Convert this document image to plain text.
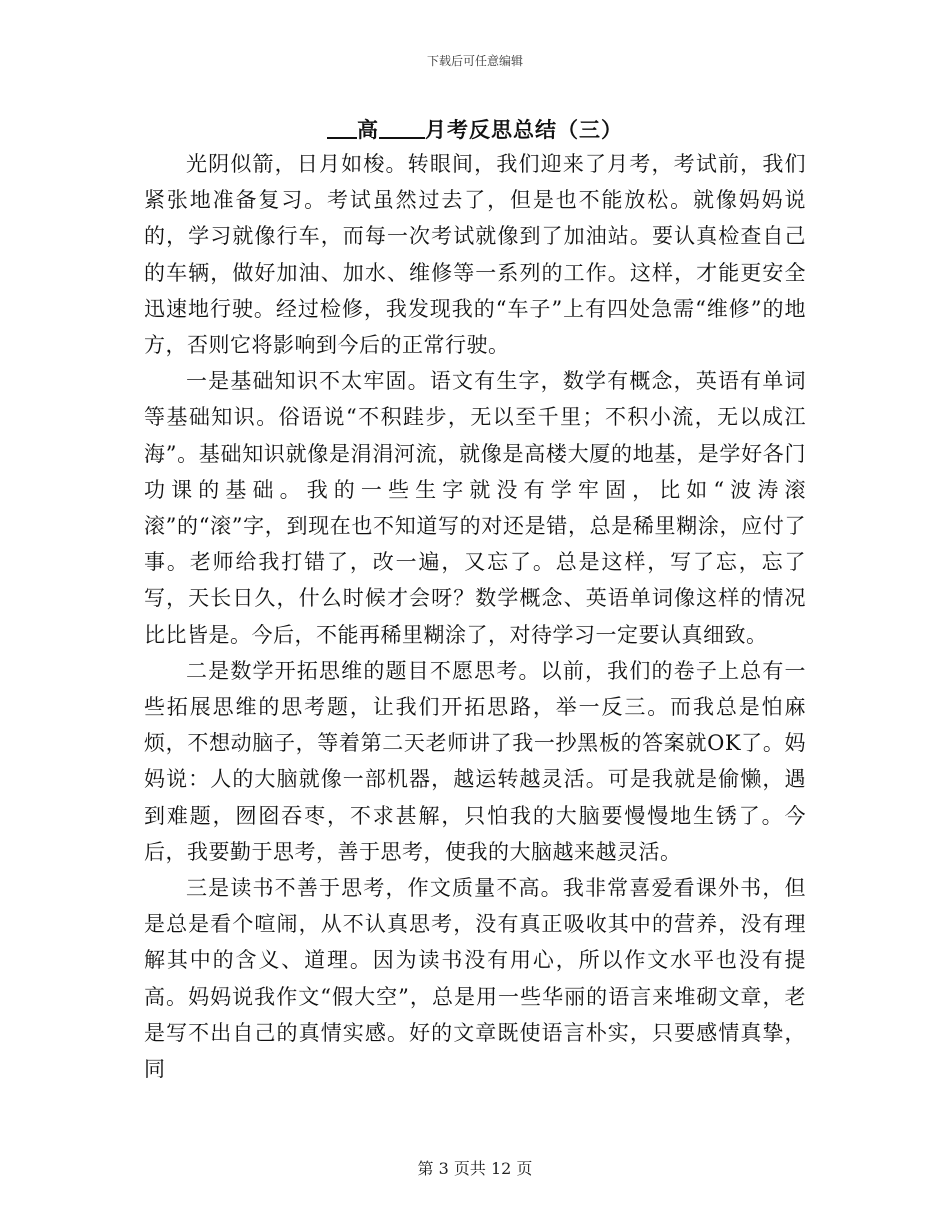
下载后可任意编辑
高 月考反思总结（三）

光阴似箭，日月如梭。转眼间，我们迎来了月考，考试前，我们紧张地准备复习。考试虽然过去了，但是也不能放松。就像妈妈说的，学习就像行车，而每一次考试就像到了加油站。要认真检查自己的车辆，做好加油、加水、维修等一系列的工作。这样，才能更安全迅速地行驶。经过检修，我发现我的“车子”上有四处急需“维修”的地方，否则它将影响到今后的正常行驶。

一是基础知识不太牢固。语文有生字，数学有概念，英语有单词等基础知识。俗语说“不积跬步，无以至千里；不积小流，无以成江海”。基础知识就像是涓涓河流，就像是高楼大厦的地基，是学好各门功课的基础。我的一些生字就没有学牢固，比如“波涛滚滚”的“滚”字，到现在也不知道写的对还是错，总是稀里糊涂，应付了事。老师给我打错了，改一遍，又忘了。总是这样，写了忘，忘了写，天长日久，什么时候才会呀？数学概念、英语单词像这样的情况比比皆是。今后，不能再稀里糊涂了，对待学习一定要认真细致。

二是数学开拓思维的题目不愿思考。以前，我们的卷子上总有一些拓展思维的思考题，让我们开拓思路，举一反三。而我总是怕麻烦，不想动脑子，等着第二天老师讲了我一抄黑板的答案就OK了。妈妈说：人的大脑就像一部机器，越运转越灵活。可是我就是偷懒，遇到难题，囫囵吞枣，不求甚解，只怕我的大脑要慢慢地生锈了。今后，我要勤于思考，善于思考，使我的大脑越来越灵活。

三是读书不善于思考，作文质量不高。我非常喜爱看课外书，但是总是看个喧闹，从不认真思考，没有真正吸收其中的营养，没有理解其中的含义、道理。因为读书没有用心，所以作文水平也没有提高。妈妈说我作文“假大空”，总是用一些华丽的语言来堆砌文章，老是写不出自己的真情实感。好的文章既使语言朴实，只要感情真挚，同

第 3 页共 12 页
